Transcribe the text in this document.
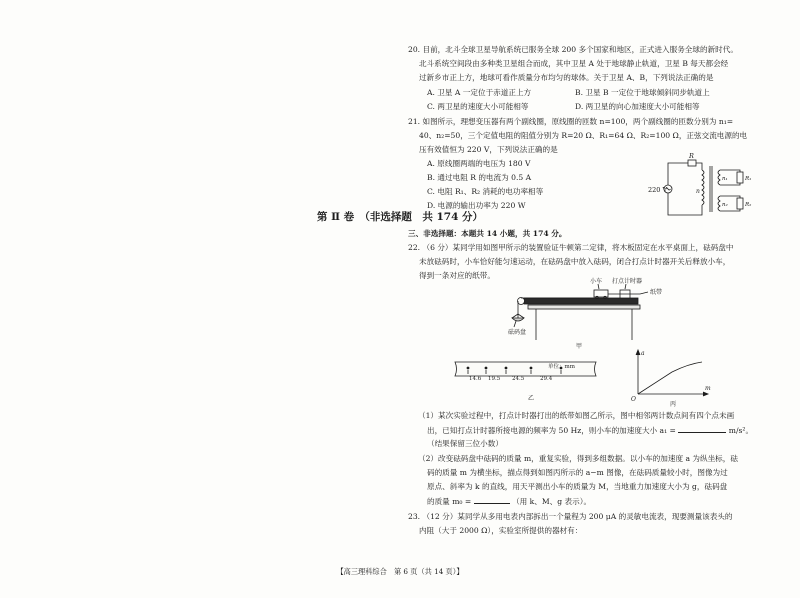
20. 目前，北斗全球卫星导航系统已服务全球 200 多个国家和地区，正式进入服务全球的新时代。
北斗系统空间段由多种类卫星组合而成，其中卫星 A 处于地球静止轨道，卫星 B 每天都会经
过新乡市正上方，地球可看作质量分布均匀的球体。关于卫星 A、B，下列说法正确的是
A. 卫星 A 一定位于赤道正上方	B. 卫星 B 一定位于地球倾斜同步轨道上
C. 两卫星的速度大小可能相等	D. 两卫星的向心加速度大小可能相等
21. 如图所示，理想变压器有两个副线圈，原线圈的匝数 n=100，两个副线圈的匝数分别为 n₁=
40、n₂=50，三个定值电阻的阻值分别为 R=20 Ω、R₁=64 Ω、R₂=100 Ω，正弦交流电源的电
压有效值恒为 220 V，下列说法正确的是
A. 原线圈两端的电压为 180 V
B. 通过电阻 R 的电流为 0.5 A
C. 电阻 R₁、R₂ 消耗的电功率相等
D. 电源的输出功率为 220 W
R
220 V	n
n₁
n₂
R₁
R₂
第 Ⅱ 卷　（非选择题　共 174 分）
三、非选择题：本题共 14 小题，共 174 分。
22. （6 分）某同学用如图甲所示的装置验证牛顿第二定律，将木板固定在水平桌面上，砝码盘中
未放砝码时，小车恰好能匀速运动，在砝码盘中放入砝码，闭合打点计时器开关后释放小车，
得到一条对应的纸带。
小车 打点计时器
纸带
砝码盘
甲
单位：mm
14.6 19.5 24.5	29.4
乙
a
m
O
丙
（1）某次实验过程中，打点计时器打出的纸带如图乙所示，图中相邻两计数点间有四个点未画
出，已知打点计时器所接电源的频率为 50 Hz，则小车的加速度大小 a₁ =	m/s²。
（结果保留三位小数）
（2）改变砝码盘中砝码的质量 m，重复实验，得到多组数据。以小车的加速度 a 为纵坐标，砝
码的质量 m 为横坐标，描点得到如图丙所示的 a−m 图像，在砝码质量较小时，图像为过
原点、斜率为 k 的直线，用天平测出小车的质量为 M，当地重力加速度大小为 g，砝码盘
的质量 m₀ =	（用 k、M、g 表示）。
23. （12 分）某同学从多用电表内部拆出一个量程为 200 μA 的灵敏电流表，现要测量该表头的
内阻（大于 2000 Ω），实验室所提供的器材有：
【高三理科综合　第 6 页（共 14 页）】
